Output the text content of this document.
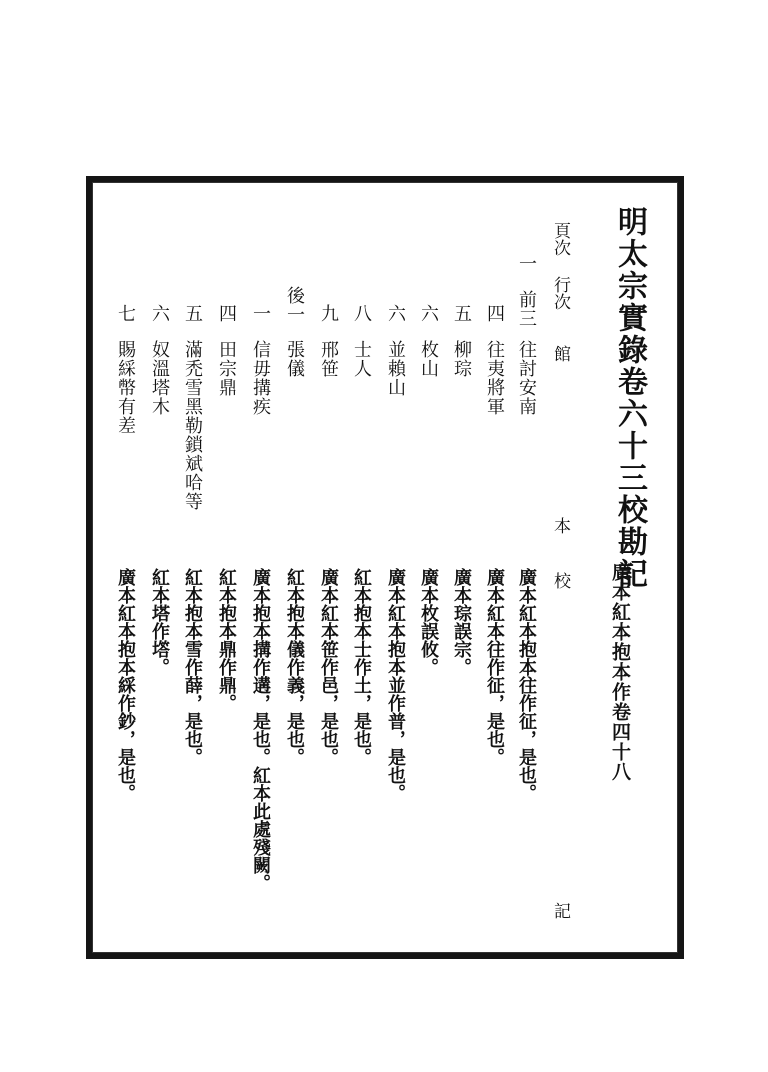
明太宗實錄卷六十三校勘記
廣本紅本抱本作卷四十八
頁次 行次
館
本
校
記
一
前三
往討安南
廣本紅本抱本往作征，是也。
四
往夷將軍
廣本紅本往作征，是也。
五
柳琮
廣本琮誤宗。
六
枚山
廣本枚誤攸。
六
並賴山
廣本紅本抱本並作普，是也。
八
士人
紅本抱本士作土，是也。
九
邢笹
廣本紅本笹作邑，是也。
後一
張儀
紅本抱本儀作義，是也。
一
信毋搆疾
廣本抱本搆作遘，是也。紅本此處殘闕。
四
田宗鼎
紅本抱本鼎作鼎。
五
滿禿雪黑勒鎖斌哈等
紅本抱本雪作薛，是也。
六
奴溫塔木
紅本塔作㙮。
七
賜綵幣有差
廣本紅本抱本綵作鈔，是也。
